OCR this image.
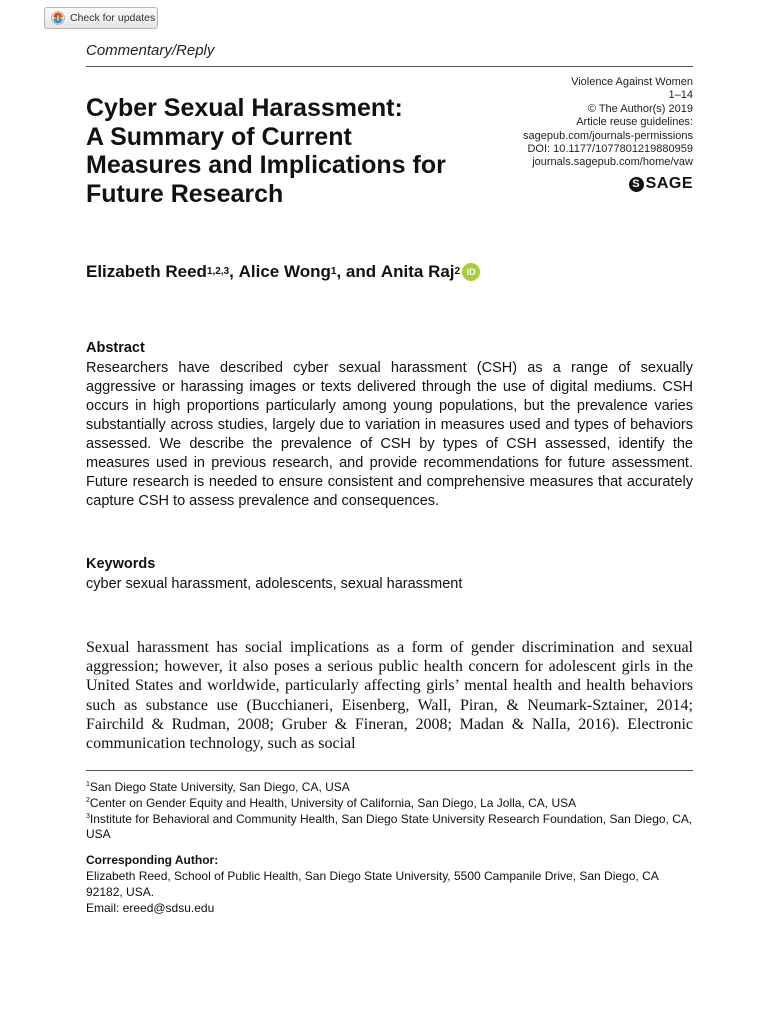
Check for updates
Commentary/Reply
Violence Against Women
1–14
© The Author(s) 2019
Article reuse guidelines:
sagepub.com/journals-permissions
DOI: 10.1177/1077801219880959
journals.sagepub.com/home/vaw
S SAGE
Cyber Sexual Harassment:
A Summary of Current
Measures and Implications for
Future Research
Elizabeth Reed 1,2,3 , Alice Wong 1 , and Anita Raj 2 iD
Abstract

Researchers have described cyber sexual harassment (CSH) as a range of sexually aggressive or harassing images or texts delivered through the use of digital mediums. CSH occurs in high proportions particularly among young populations, but the prevalence varies substantially across studies, largely due to variation in measures used and types of behaviors assessed. We describe the prevalence of CSH by types of CSH assessed, identify the measures used in previous research, and provide recommendations for future assessment. Future research is needed to ensure consistent and comprehensive measures that accurately capture CSH to assess prevalence and consequences.

Keywords
cyber sexual harassment, adolescents, sexual harassment

Sexual harassment has social implications as a form of gender discrimination and sexual aggression; however, it also poses a serious public health concern for adolescent girls in the United States and worldwide, particularly affecting girls’ mental health and health behaviors such as substance use (Bucchianeri, Eisenberg, Wall, Piran, & Neumark-Sztainer, 2014; Fairchild & Rudman, 2008; Gruber & Fineran, 2008; Madan & Nalla, 2016). Electronic communication technology, such as social

$^1$San Diego State University, San Diego, CA, USA

$^2$Center on Gender Equity and Health, University of California, San Diego, La Jolla, CA, USA

$^3$Institute for Behavioral and Community Health, San Diego State University Research Foundation, San Diego, CA, USA

Corresponding Author:

Elizabeth Reed, School of Public Health, San Diego State University, 5500 Campanile Drive, San Diego, CA 92182, USA.

Email: ereed@sdsu.edu
